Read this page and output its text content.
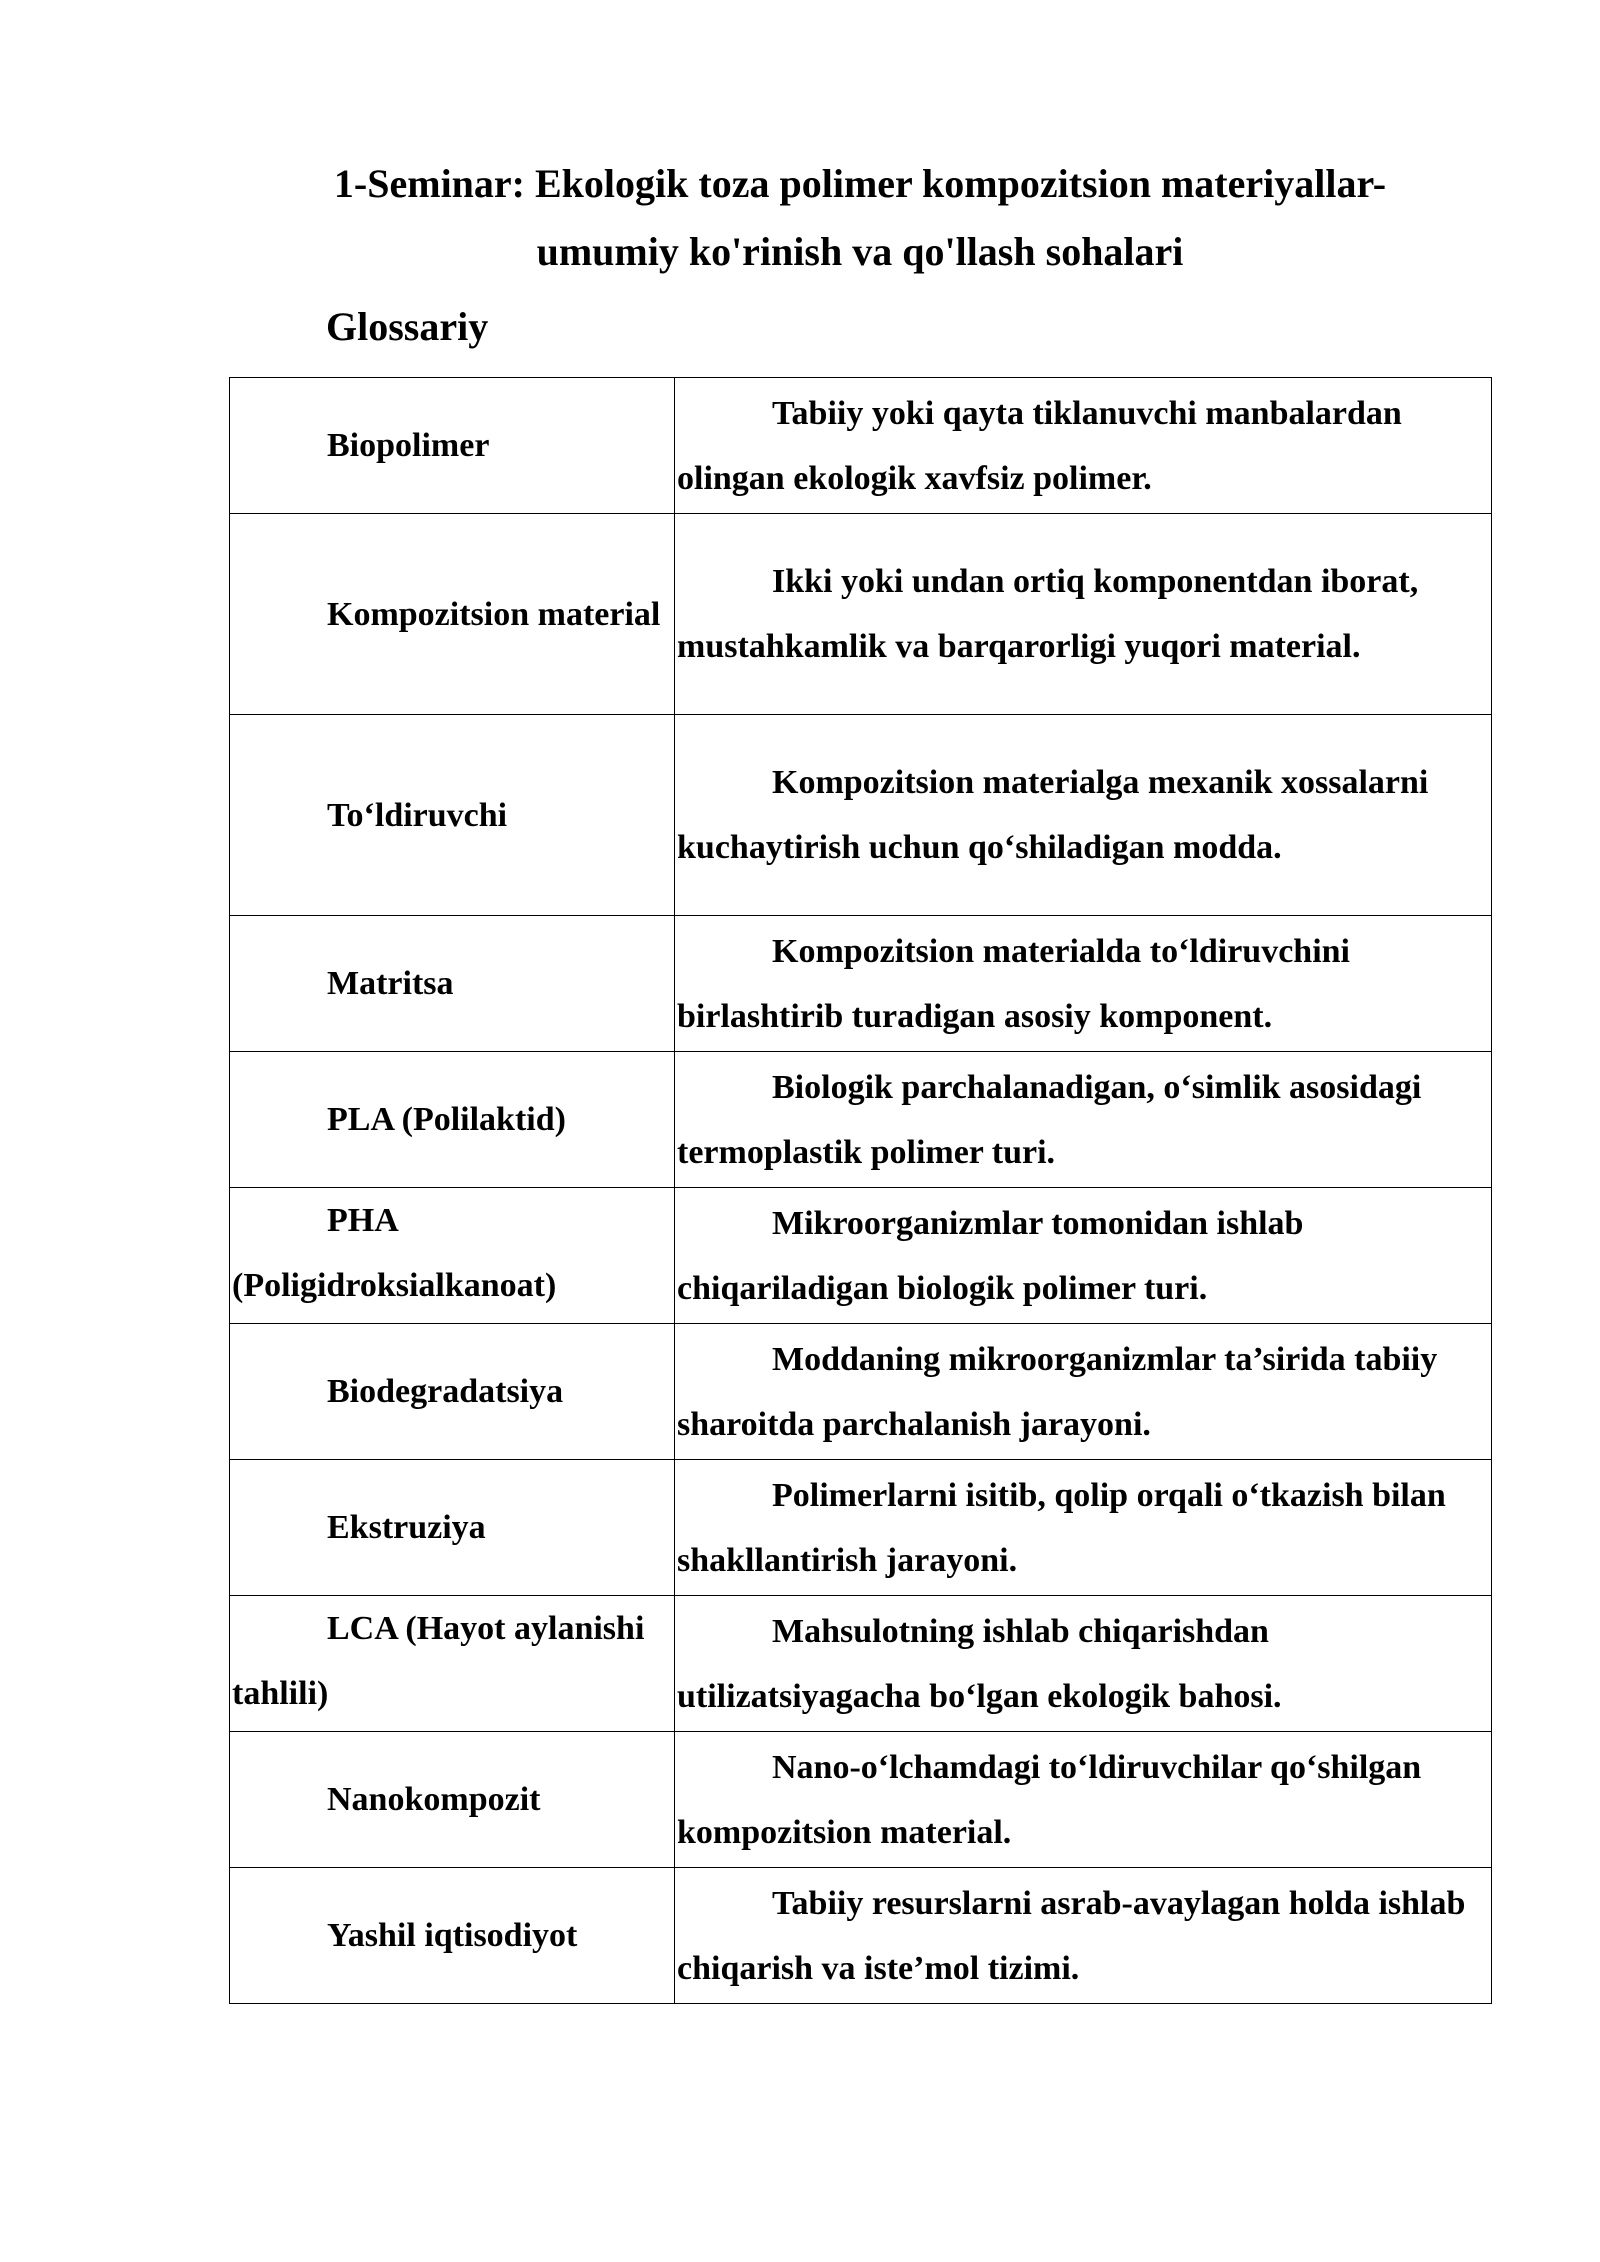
1-Seminar: Ekologik toza polimer kompozitsion materiyallar-
umumiy ko'rinish va qo'llash sohalari
Glossariy
Biopolimer	Tabiiy yoki qayta tiklanuvchi manbalardan olingan ekologik xavfsiz polimer.
Kompozitsion material	Ikki yoki undan ortiq komponentdan iborat, mustahkamlik va barqarorligi yuqori material.
To‘ldiruvchi	Kompozitsion materialga mexanik xossalarni kuchaytirish uchun qo‘shiladigan modda.
Matritsa	Kompozitsion materialda to‘ldiruvchini birlashtirib turadigan asosiy komponent.
PLA (Polilaktid)	Biologik parchalanadigan, o‘simlik asosidagi termoplastik polimer turi.
PHA (Poligidroksialkanoat)	Mikroorganizmlar tomonidan ishlab chiqariladigan biologik polimer turi.
Biodegradatsiya	Moddaning mikroorganizmlar ta’sirida tabiiy sharoitda parchalanish jarayoni.
Ekstruziya	Polimerlarni isitib, qolip orqali o‘tkazish bilan shakllantirish jarayoni.
LCA (Hayot aylanishi tahlili)	Mahsulotning ishlab chiqarishdan utilizatsiyagacha bo‘lgan ekologik bahosi.
Nanokompozit	Nano-o‘lchamdagi to‘ldiruvchilar qo‘shilgan kompozitsion material.
Yashil iqtisodiyot	Tabiiy resurslarni asrab-avaylagan holda ishlab chiqarish va iste’mol tizimi.
